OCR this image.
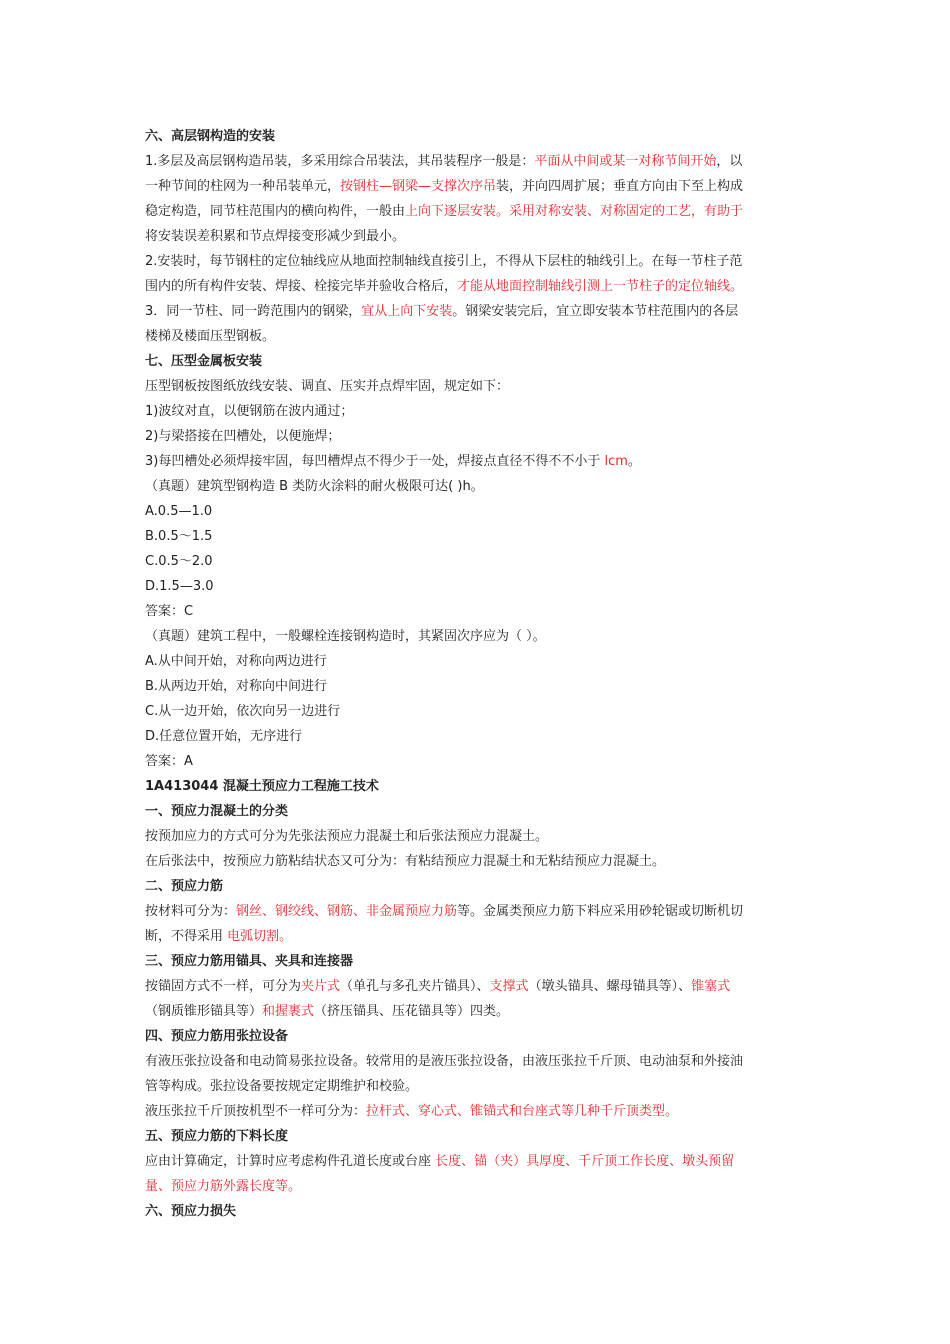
六、高层钢构造的安装
1.多层及高层钢构造吊装，多采用综合吊装法，其吊装程序一般是：平面从中间或某一对称节间开始，以
一种节间的柱网为一种吊装单元，按钢柱—钢梁—支撑次序吊装，并向四周扩展；垂直方向由下至上构成
稳定构造，同节柱范围内的横向构件，一般由上向下逐层安装。采用对称安装、对称固定的工艺，有助于
将安装误差积累和节点焊接变形减少到最小。
2.安装时，每节钢柱的定位轴线应从地面控制轴线直接引上，不得从下层柱的轴线引上。在每一节柱子范
围内的所有构件安装、焊接、栓接完毕并验收合格后，才能从地面控制轴线引测上一节柱子的定位轴线。
3．同一节柱、同一跨范围内的钢梁，宜从上向下安装。钢梁安装完后，宜立即安装本节柱范围内的各层
楼梯及楼面压型钢板。
七、压型金属板安装
压型钢板按图纸放线安装、调直、压实并点焊牢固，规定如下：
1)波纹对直，以便钢筋在波内通过；
2)与梁搭接在凹槽处，以便施焊；
3)每凹槽处必须焊接牢固，每凹槽焊点不得少于一处，焊接点直径不得不不小于 lcm。
（真题）建筑型钢构造 B 类防火涂料的耐火极限可达( )h。
A.0.5—1.0
B.0.5～1.5
C.0.5～2.0
D.1.5—3.0
答案：C
（真题）建筑工程中，一般螺栓连接钢构造时，其紧固次序应为（ ）。
A.从中间开始，对称向两边进行
B.从两边开始，对称向中间进行
C.从一边开始，依次向另一边进行
D.任意位置开始，无序进行
答案：A
1A413044 混凝土预应力工程施工技术
一、预应力混凝土的分类
按预加应力的方式可分为先张法预应力混凝土和后张法预应力混凝土。
在后张法中，按预应力筋粘结状态又可分为：有粘结预应力混凝土和无粘结预应力混凝土。
二、预应力筋
按材料可分为：钢丝、钢绞线、钢筋、非金属预应力筋等。金属类预应力筋下料应采用砂轮锯或切断机切
断，不得采用 电弧切割。
三、预应力筋用锚具、夹具和连接器
按锚固方式不一样，可分为夹片式（单孔与多孔夹片锚具）、支撑式（墩头锚具、螺母锚具等）、锥塞式
（钢质锥形锚具等）和握裹式（挤压锚具、压花锚具等）四类。
四、预应力筋用张拉设备
有液压张拉设备和电动简易张拉设备。较常用的是液压张拉设备，由液压张拉千斤顶、电动油泵和外接油
管等构成。张拉设备要按规定定期维护和校验。
液压张拉千斤顶按机型不一样可分为：拉杆式、穿心式、锥锚式和台座式等几种千斤顶类型。
五、预应力筋的下料长度
应由计算确定，计算时应考虑构件孔道长度或台座 长度、锚（夹）具厚度、千斤顶工作长度、墩头预留
量、预应力筋外露长度等。
六、预应力损失
